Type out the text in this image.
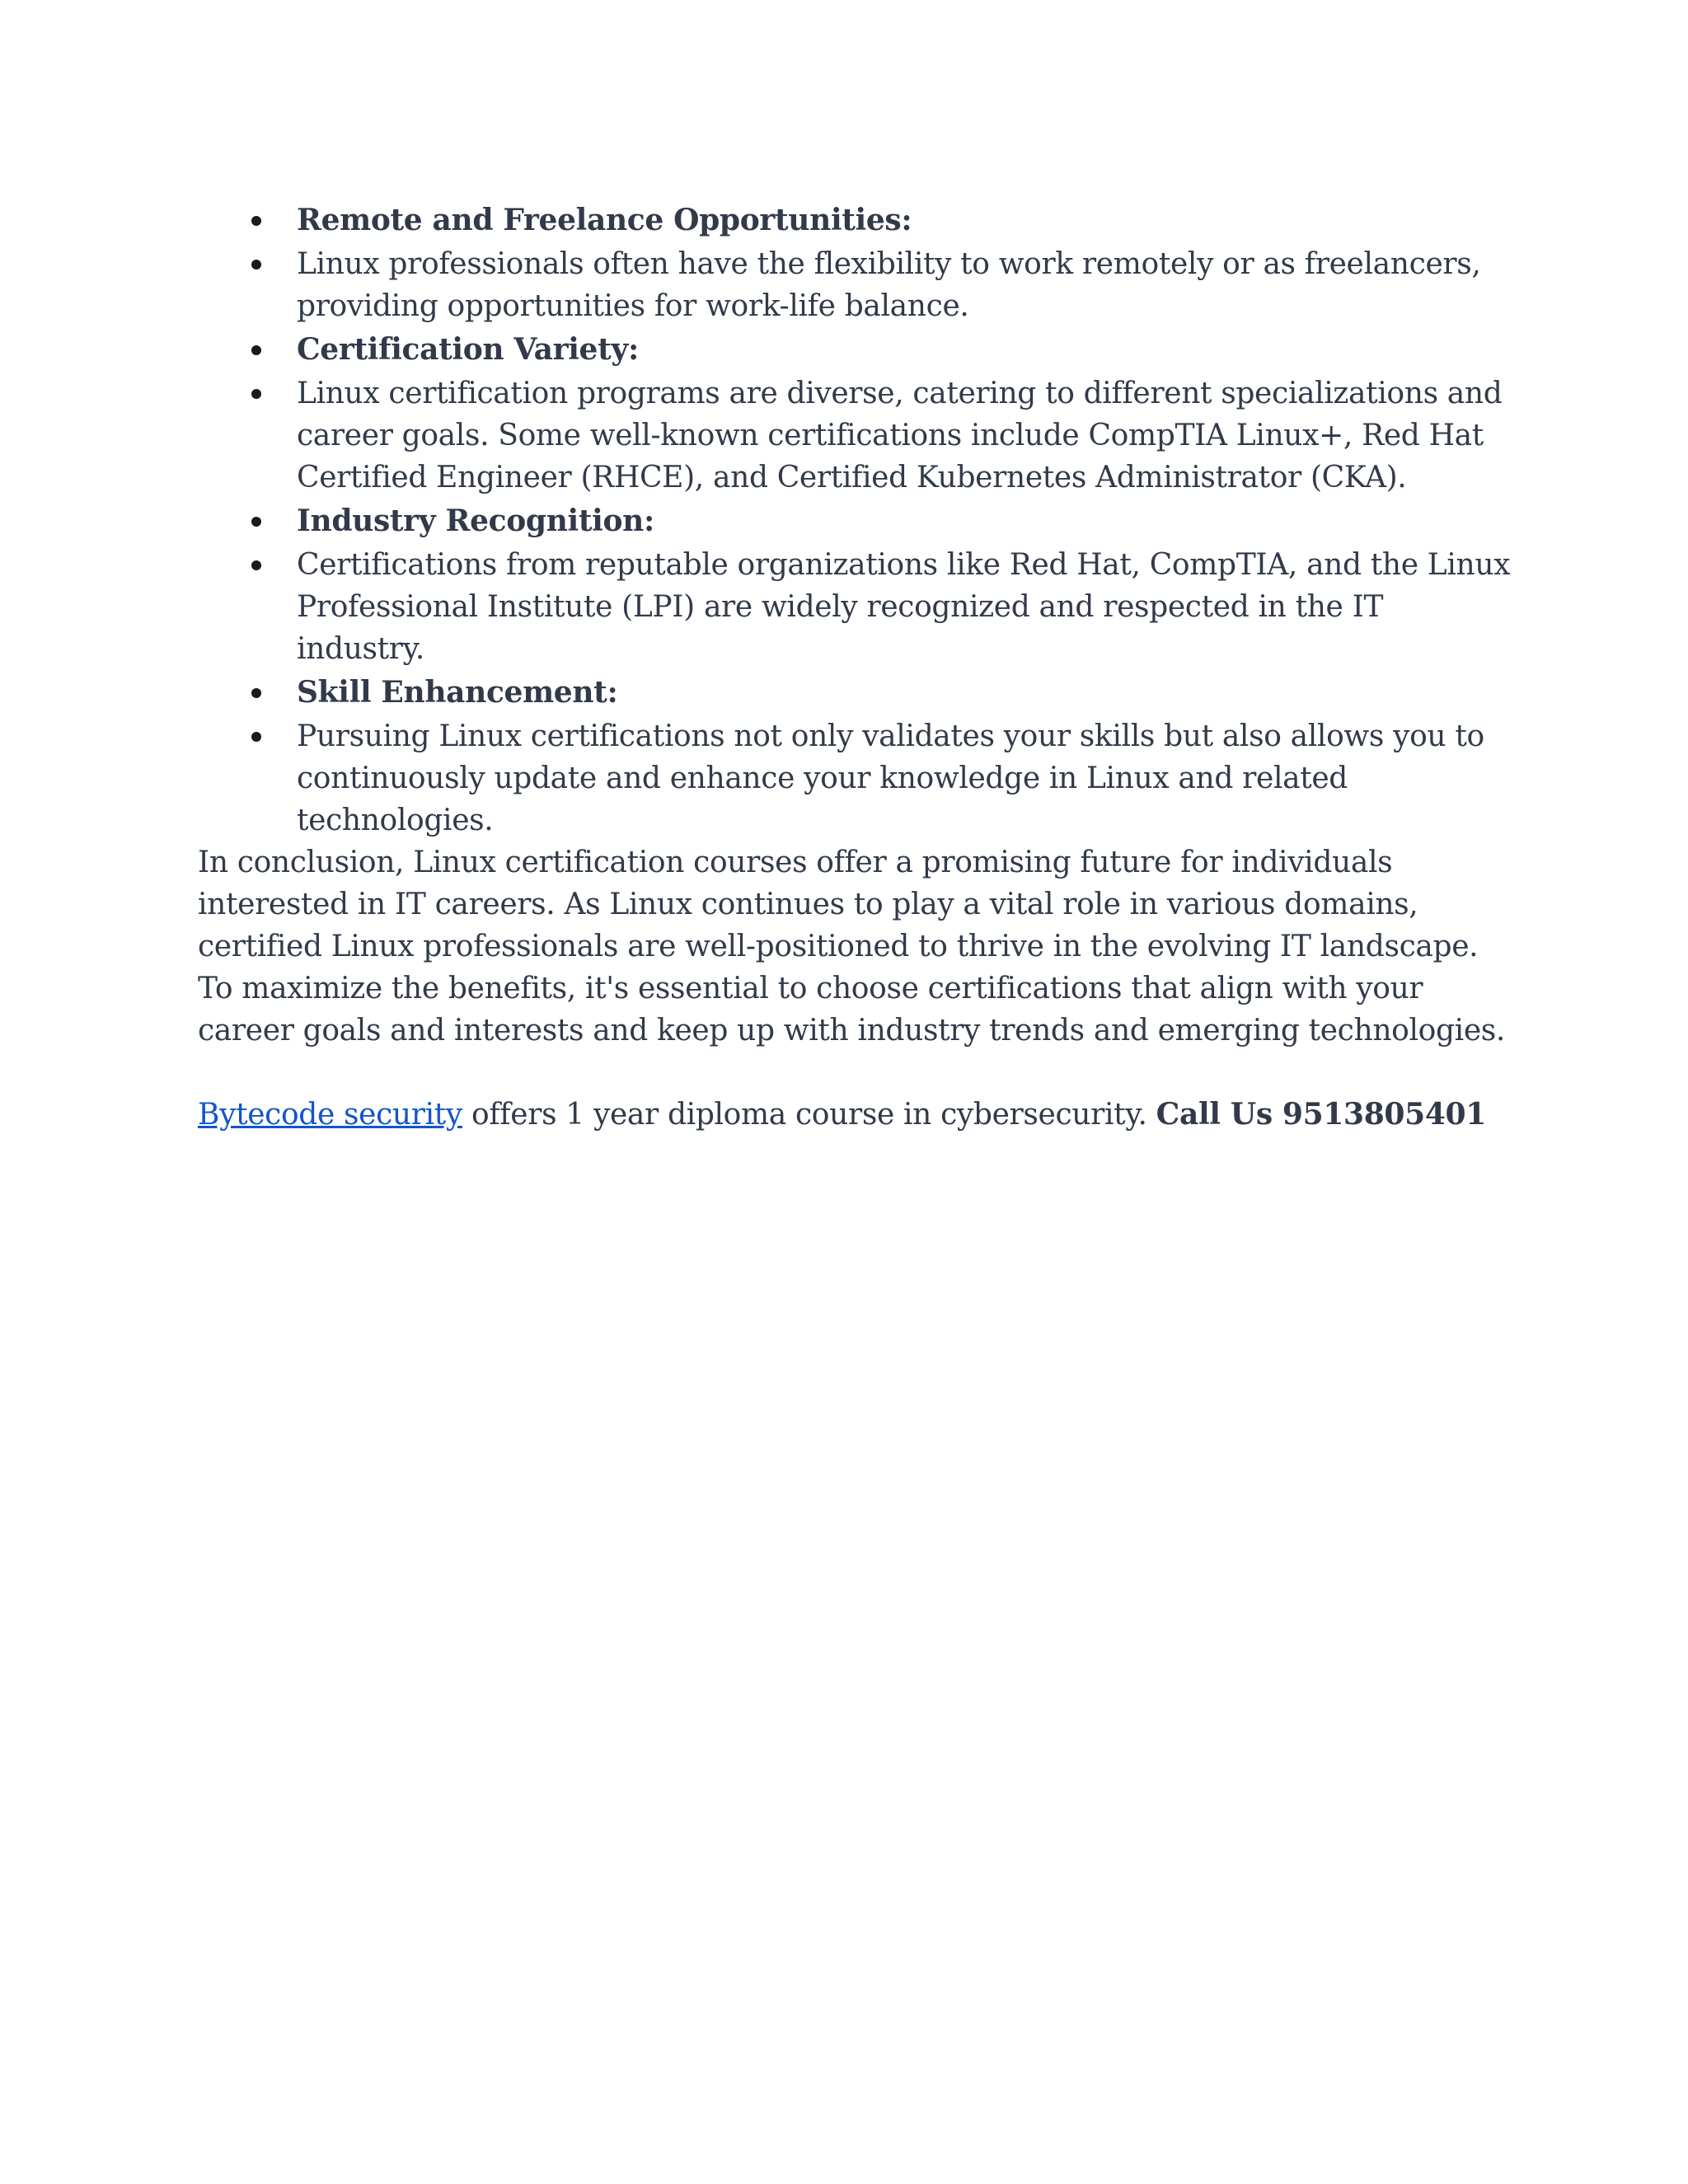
Remote and Freelance Opportunities:
Linux professionals often have the flexibility to work remotely or as freelancers, providing opportunities for work-life balance.
Certification Variety:
Linux certification programs are diverse, catering to different specializations and career goals. Some well-known certifications include CompTIA Linux+, Red Hat Certified Engineer (RHCE), and Certified Kubernetes Administrator (CKA).
Industry Recognition:
Certifications from reputable organizations like Red Hat, CompTIA, and the Linux Professional Institute (LPI) are widely recognized and respected in the IT industry.
Skill Enhancement:
Pursuing Linux certifications not only validates your skills but also allows you to continuously update and enhance your knowledge in Linux and related technologies.

In conclusion, Linux certification courses offer a promising future for individuals interested in IT careers. As Linux continues to play a vital role in various domains, certified Linux professionals are well-positioned to thrive in the evolving IT landscape. To maximize the benefits, it's essential to choose certifications that align with your career goals and interests and keep up with industry trends and emerging technologies.

Bytecode security offers 1 year diploma course in cybersecurity. Call Us 9513805401
